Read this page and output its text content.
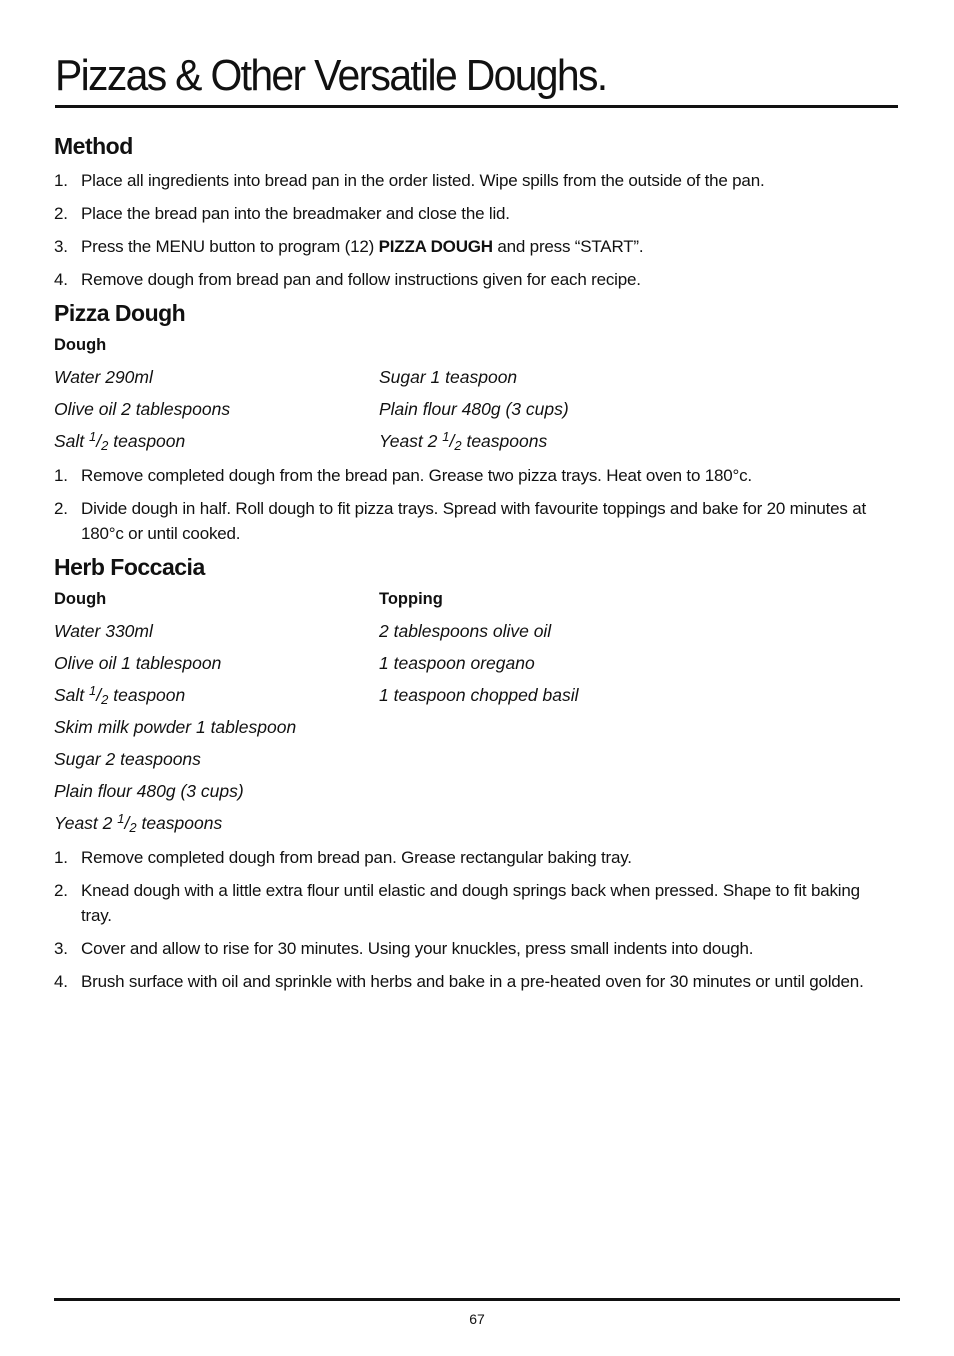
Pizzas & Other Versatile Doughs.
Method
1. Place all ingredients into bread pan in the order listed. Wipe spills from the outside of the pan.
2. Place the bread pan into the breadmaker and close the lid.
3. Press the MENU button to program (12) PIZZA DOUGH and press “START”.
4. Remove dough from bread pan and follow instructions given for each recipe.
Pizza Dough
Dough
Water 290ml	Sugar 1 teaspoon
Olive oil 2 tablespoons	Plain flour 480g (3 cups)
Salt $^1$/2 teaspoon	Yeast 2 $^1$/2 teaspoons
1. Remove completed dough from the bread pan. Grease two pizza trays. Heat oven to 180°c.
2. Divide dough in half. Roll dough to fit pizza trays. Spread with favourite toppings and bake for 20 minutes at 180°c or until cooked.
Herb Foccacia
Dough	Topping
Water 330ml	2 tablespoons olive oil
Olive oil 1 tablespoon	1 teaspoon oregano
Salt $^1$/2 teaspoon	1 teaspoon chopped basil
Skim milk powder 1 tablespoon
Sugar 2 teaspoons
Plain flour 480g (3 cups)
Yeast 2 $^1$/2 teaspoons
1. Remove completed dough from bread pan. Grease rectangular baking tray.
2. Knead dough with a little extra flour until elastic and dough springs back when pressed. Shape to fit baking tray.
3. Cover and allow to rise for 30 minutes. Using your knuckles, press small indents into dough.
4. Brush surface with oil and sprinkle with herbs and bake in a pre-heated oven for 30 minutes or until golden.
67
